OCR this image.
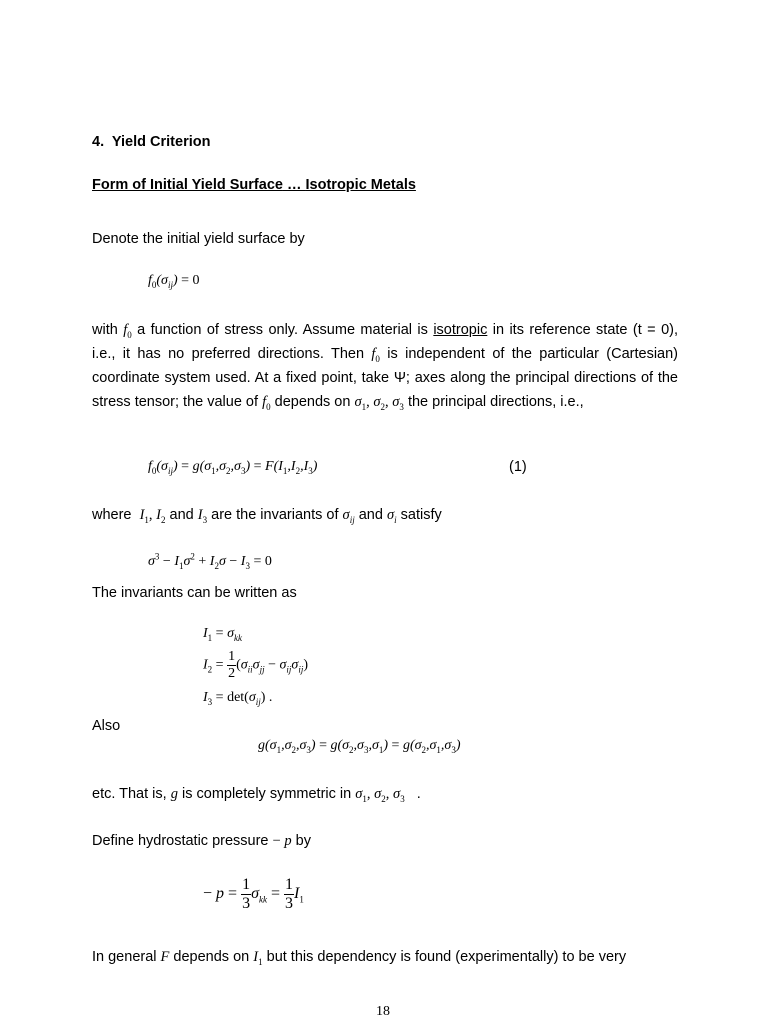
4. Yield Criterion
Form of Initial Yield Surface … Isotropic Metals
Denote the initial yield surface by
$f_0(\sigma_{ij}) = 0$
with $f_0$ a function of stress only. Assume material is isotropic in its reference state (t = 0), i.e., it has no preferred directions. Then $f_0$ is independent of the particular (Cartesian) coordinate system used. At a fixed point, take Ψ; axes along the principal directions of the stress tensor; the value of $f_0$ depends on $\sigma_1$, $\sigma_2$, $\sigma_3$ the principal directions, i.e.,
$f_0(\sigma_{ij}) = g(\sigma_1,\sigma_2,\sigma_3) = F(I_1,I_2,I_3)$	(1)
where $I_1$, $I_2$ and $I_3$ are the invariants of $\sigma_{ij}$ and $\sigma_i$ satisfy
$\sigma^3 - I_1\sigma^2 + I_2\sigma - I_3 = 0$
The invariants can be written as
$I_1 = \sigma_{kk}$
$I_2 = \frac{1}{2} (\sigma_{ii}\sigma_{jj} - \sigma_{ij}\sigma_{ij})$
$I_3 = \det(\sigma_{ij})$ .
Also
$g(\sigma_1,\sigma_2,\sigma_3) = g(\sigma_2,\sigma_3,\sigma_1) = g(\sigma_2,\sigma_1,\sigma_3)$
etc. That is, g is completely symmetric in $\sigma_1$, $\sigma_2$, $\sigma_3$   .
Define hydrostatic pressure − p by
− $p = \frac{1}{3} \sigma_{kk} = \frac{1}{3} I_1$
In general F depends on $I_1$ but this dependency is found (experimentally) to be very
18
